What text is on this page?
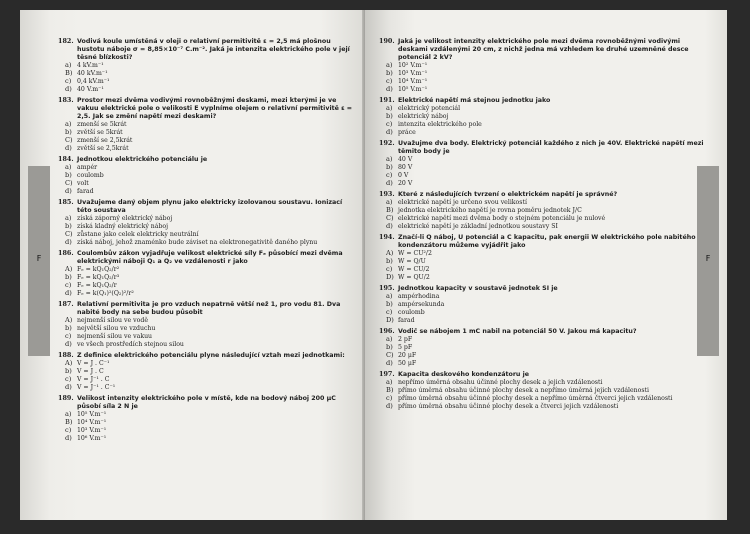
182. Vodivá koule umístěná v oleji o relativní permitivitě ε = 2,5 má plošnou hustotu náboje σ = 8,85×10⁻⁷ C.m⁻². Jaká je intenzita elektrického pole v její těsné blízkosti?
a) 4 kV.m⁻¹
B) 40 kV.m⁻¹
c) 0,4 kV.m⁻¹
d) 40 V.m⁻¹
183. Prostor mezi dvěma vodivými rovnoběžnými deskami, mezi kterými je ve vakuu elektrické pole o velikosti E vyplníme olejem o relativní permitivitě ε = 2,5. Jak se změní napětí mezi deskami?
a) zmenší se 5krát
b) zvětší se 5krát
C) zmenší se 2,5krát
d) zvětší se 2,5krát
184. Jednotkou elektrického potenciálu je
a) ampér
b) coulomb
C) volt
d) farad
185. Uvažujeme daný objem plynu jako elektricky izolovanou soustavu. Ionizací této soustava
a) získá záporný elektrický náboj
b) získá kladný elektrický náboj
C) zůstane jako celek elektricky neutrální
d) získá náboj, jehož znaménko bude záviset na elektronegativitě daného plynu
186. Coulombův zákon vyjadřuje velikost elektrické síly Fₑ působící mezi dvěma elektrickými náboji Q₁ a Q₂ ve vzdálenosti r jako
A) Fₑ = kQ₁Q₂/r²
b) Fₑ = kQ₁Q₂/r³
c) Fₑ = kQ₁Q₂/r
d) Fₑ = k(Q₁)²(Q₂)²/r²
187. Relativní permitivita je pro vzduch nepatrně větší než 1, pro vodu 81. Dva nabité body na sebe budou působit
A) nejmenší silou ve vodě
b) největší silou ve vzduchu
c) nejmenší silou ve vakuu
d) ve všech prostředích stejnou silou
188. Z definice elektrického potenciálu plyne následující vztah mezi jednotkami:
A) V = J . C⁻¹
b) V = J . C
c) V = J⁻¹ . C
d) V = J⁻¹ . C⁻¹
189. Velikost intenzity elektrického pole v místě, kde na bodový náboj 200 μC působí síla 2 N je
a) 10⁵ V.m⁻¹
B) 10⁴ V.m⁻¹
c) 10³ V.m⁻¹
d) 10⁶ V.m⁻¹
190. Jaká je velikost intenzity elektrického pole mezi dvěma rovnoběžnými vodivými deskami vzdálenými 20 cm, z nichž jedna má vzhledem ke druhé uzemněné desce potenciál 2 kV?
a) 10² V.m⁻¹
b) 10³ V.m⁻¹
c) 10⁴ V.m⁻¹
d) 10⁵ V.m⁻¹
191. Elektrické napětí má stejnou jednotku jako
a) elektrický potenciál
b) elektrický náboj
c) intenzita elektrického pole
d) práce
192. Uvažujme dva body. Elektrický potenciál každého z nich je 40V. Elektrické napětí mezi těmito body je
a) 40 V
b) 80 V
c) 0 V
d) 20 V
193. Které z následujících tvrzení o elektrickém napětí je správné?
a) elektrické napětí je určeno svou velikostí
B) jednotka elektrického napětí je rovna poměru jednotek J/C
C) elektrické napětí mezi dvěma body o stejném potenciálu je nulové
d) elektrické napětí je základní jednotkou soustavy SI
194. Značí-li Q náboj, U potenciál a C kapacitu, pak energii W elektrického pole nabitého kondenzátoru můžeme vyjádřit jako
A) W = CU²/2
b) W = Q/U
c) W = CU/2
D) W = QU/2
195. Jednotkou kapacity v soustavě jednotek SI je
a) ampérhodina
b) ampérsekunda
c) coulomb
D) farad
196. Vodič se nábojem 1 mC nabil na potenciál 50 V. Jakou má kapacitu?
a) 2 pF
b) 5 pF
C) 20 μF
d) 50 μF
197. Kapacita deskového kondenzátoru je
a) nepřímo úměrná obsahu účinné plochy desek a jejich vzdálenosti
B) přímo úměrná obsahu účinné plochy desek a nepřímo úměrná jejich vzdálenosti
c) přímo úměrná obsahu účinné plochy desek a nepřímo úměrná čtverci jejich vzdálenosti
d) přímo úměrná obsahu účinné plochy desek a čtverci jejich vzdálenosti
F	F
